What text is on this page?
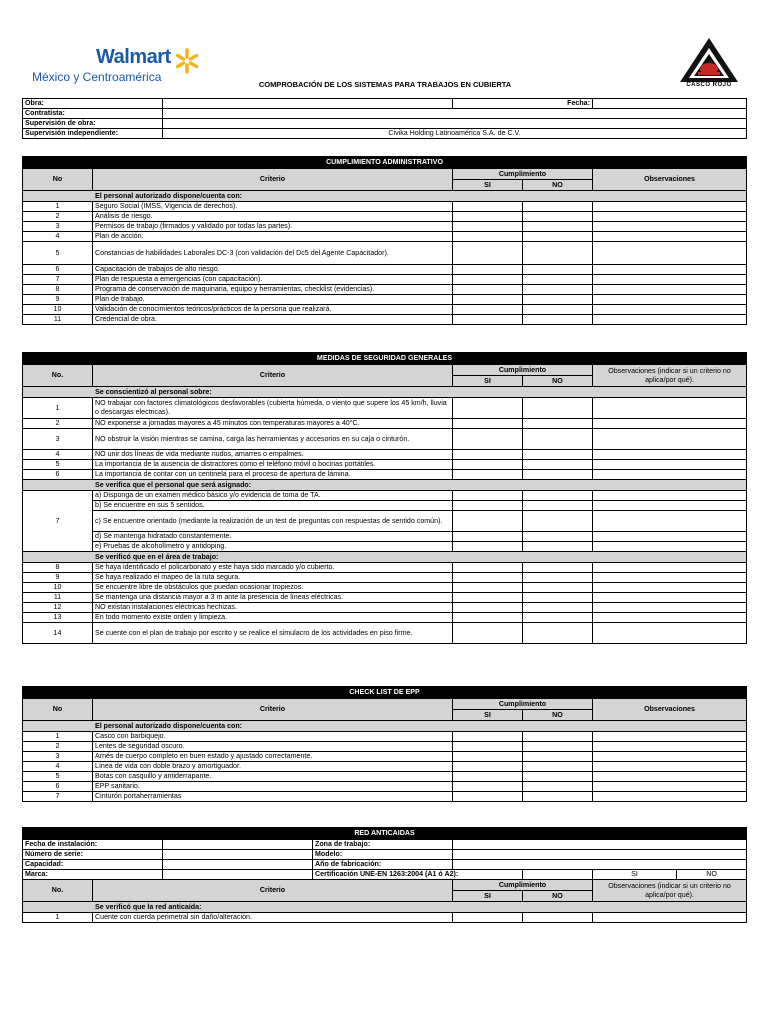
Walmart
México y Centroamérica
COMPROBACIÓN DE LOS SISTEMAS PARA TRABAJOS EN CUBIERTA	CASCO ROJO
Obra:		Fecha:	
Contratista:			
Supervisión de obra:			
Supervisión independiente:	Civika Holding Latinoamérica S.A. de C.V.		
CUMPLIMIENTO ADMINISTRATIVO				
No	Criterio	Cumplimiento		Observaciones
		SI	NO	
El personal autorizado dispone/cuenta con:				
1	Seguro Social (IMSS, Vigencia de derechos).			
2	Análisis de riesgo.			
3	Permisos de trabajo (firmados y validado por todas las partes).			
4	Plan de acción.			
5	Constancias de habilidades Laborales DC-3 (con validación del Dc5 del Agente Capacitador).			
6	Capacitación de trabajos de alto riesgo.			
7	Plan de respuesta a emergencias (con capacitación).			
8	Programa de conservación de maquinaria, equipo y herramientas, checklist (evidencias).			
9	Plan de trabajo.			
10	Validación de conocimientos teóricos/prácticos de la persona que realizará.			
11	Credencial de obra.			
MEDIDAS DE SEGURIDAD GENERALES				
No.	Criterio	Cumplimiento		Observaciones (indicar si un criterio no aplica/por qué).
		SI	NO	
Se conscientizó al personal sobre:				
1	NO trabajar con factores climatológicos desfavorables (cubierta húmeda, o viento que supere los 45 km/h, lluvia o descargas electricas).			
2	NO exponerse a jornadas mayores a 45 minutos con temperaturas mayores a 40°C.			
3	NO obstruir la visión mientras se camina, carga las herramientas y accesorios en su caja o cinturón.			
4	NO unir dos líneas de vida mediante nudos, amarres o empalmes.			
5	La importancia de la ausencia de distractores como el teléfono móvil o bocinas portátiles.			
6	La importancia de contar con un centinela para el proceso de apertura de lámina.			
Se verifica que el personal que será asignado:				
7	a) Disponga de un examen médico básico y/o evidencia de toma de TA.			
	b) Se encuentre en sus 5 sentidos.			
	c) Se encuentre orientado (mediante la realización de un test de preguntas con respuestas de sentido común).			
	d) Se mantenga hidratado constantemente.			
	e) Pruebas de alcoholímetro y antidoping.			
Se verificó que en el área de trabajo:				
8	Se haya identificado el policarbonato y este haya sido marcado y/o cubierto.			
9	Se haya realizado el mapeo de la ruta segura.			
10	Se encuentre libre de obstáculos que puedan ocasionar tropiezos.			
11	Se mantenga una distancia mayor a 3 m ante la presencia de líneas eléctricas.			
12	NO existan instalaciones eléctricas hechizas.			
13	En todo momento existe orden y limpieza.			
14	Se cuente con el plan de trabajo por escrito y se realice el simulacro de los actividades en piso firme.			
CHECK LIST DE EPP				
No	Criterio	Cumplimiento		Observaciones
		SI	NO	
El personal autorizado dispone/cuenta con:				
1	Casco con barbiquejo.			
2	Lentes de seguridad oscuro.			
3	Arnés de cuerpo completo en buen estado y ajustado correctamente.			
4	Línea de vida con doble brazo y amortiguador.			
5	Botas con casquillo y antiderrapante.			
6	EPP sanitario.			
7	Cinturón portaherramientas			
RED ANTICAIDAS							
Fecha de instalación:			Zona de trabajo:				
Número de serie:			Modelo:				
Capacidad:			Año de fabricación:				
Marca:			Certificación UNE-EN 1263:2004 (A1 ó A2):			SI	NO
No.	Criterio			Cumplimiento		Observaciones (indicar si un criterio no aplica/por qué).	
				SI	NO		
Se verificó que la red anticaída:							
1	Cuente con cuerda perimetral sin daño/alteración.						
